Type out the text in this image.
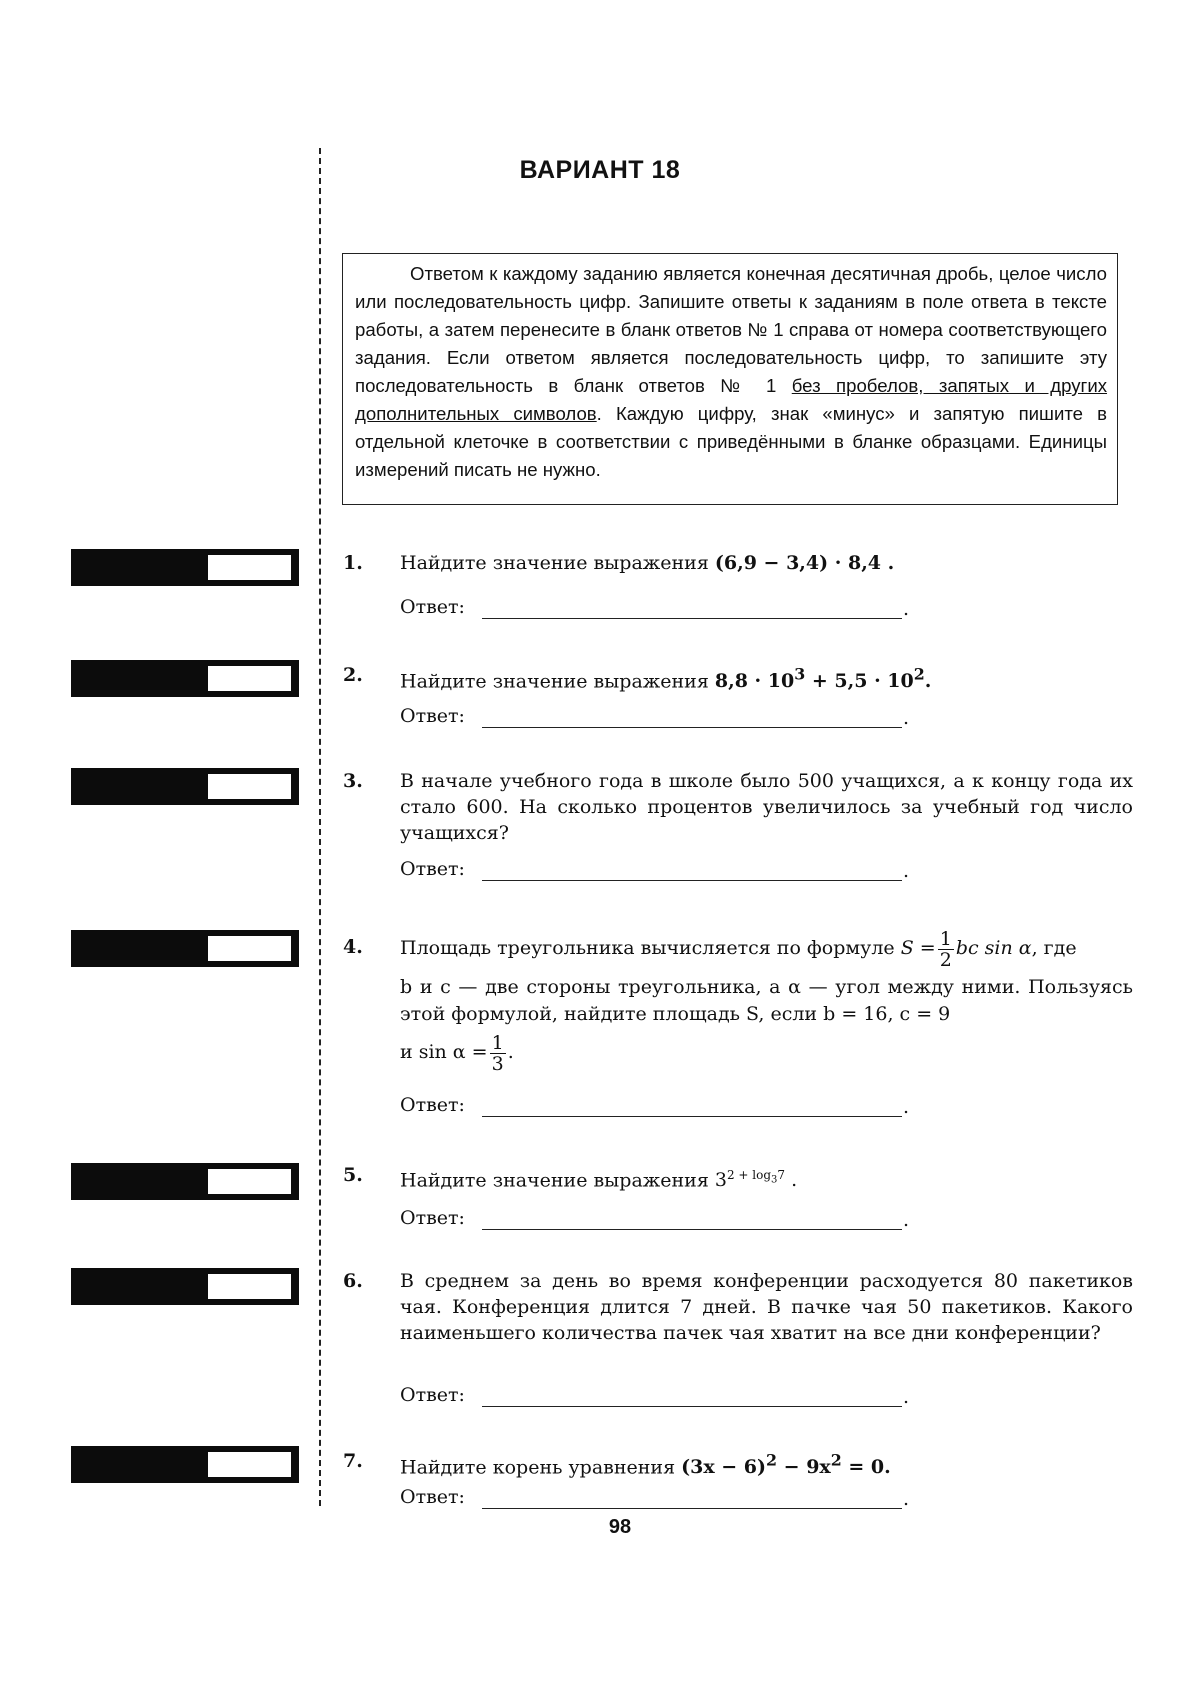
ВАРИАНТ 18

Ответом к каждому заданию является конечная десятичная дробь, целое число или последовательность цифр. Запишите ответы к заданиям в поле ответа в тексте работы, а затем перенесите в бланк ответов № 1 справа от номера соответствующего задания. Если ответом является последовательность цифр, то запишите эту последовательность в бланк ответов № 1 без пробелов, запятых и других дополнительных символов. Каждую цифру, знак «минус» и запятую пишите в отдельной клеточке в соответствии с приведёнными в бланке образцами. Единицы измерений писать не нужно.

1. Найдите значение выражения (6,9 − 3,4) · 8,4 .
Ответ:	.
2. Найдите значение выражения $8,8 \cdot 10^3 + 5,5 \cdot 10^2$.
Ответ:	.
3. В начале учебного года в школе было 500 учащихся, а к концу года их стало 600. На сколько процентов увеличилось за учебный год число учащихся?
Ответ:	.
4. Площадь треугольника вычисляется по формуле $S = \frac{1}{2}$ bc sin α, где
b и c — две стороны треугольника, а α — угол между ними. Пользуясь этой формулой, найдите площадь S, если b = 16, c = 9
и $\sin \alpha = \frac{1}{3}$ .
Ответ:	.
5. Найдите значение выражения $3^{2 + log_37}$ .
Ответ:	.
6. В среднем за день во время конференции расходуется 80 пакетиков чая. Конференция длится 7 дней. В пачке чая 50 пакетиков. Какого наименьшего количества пачек чая хватит на все дни конференции?
Ответ:	.
7. Найдите корень уравнения $(3x - 6)^2 - 9x^2 = 0$.
Ответ:	.
98
